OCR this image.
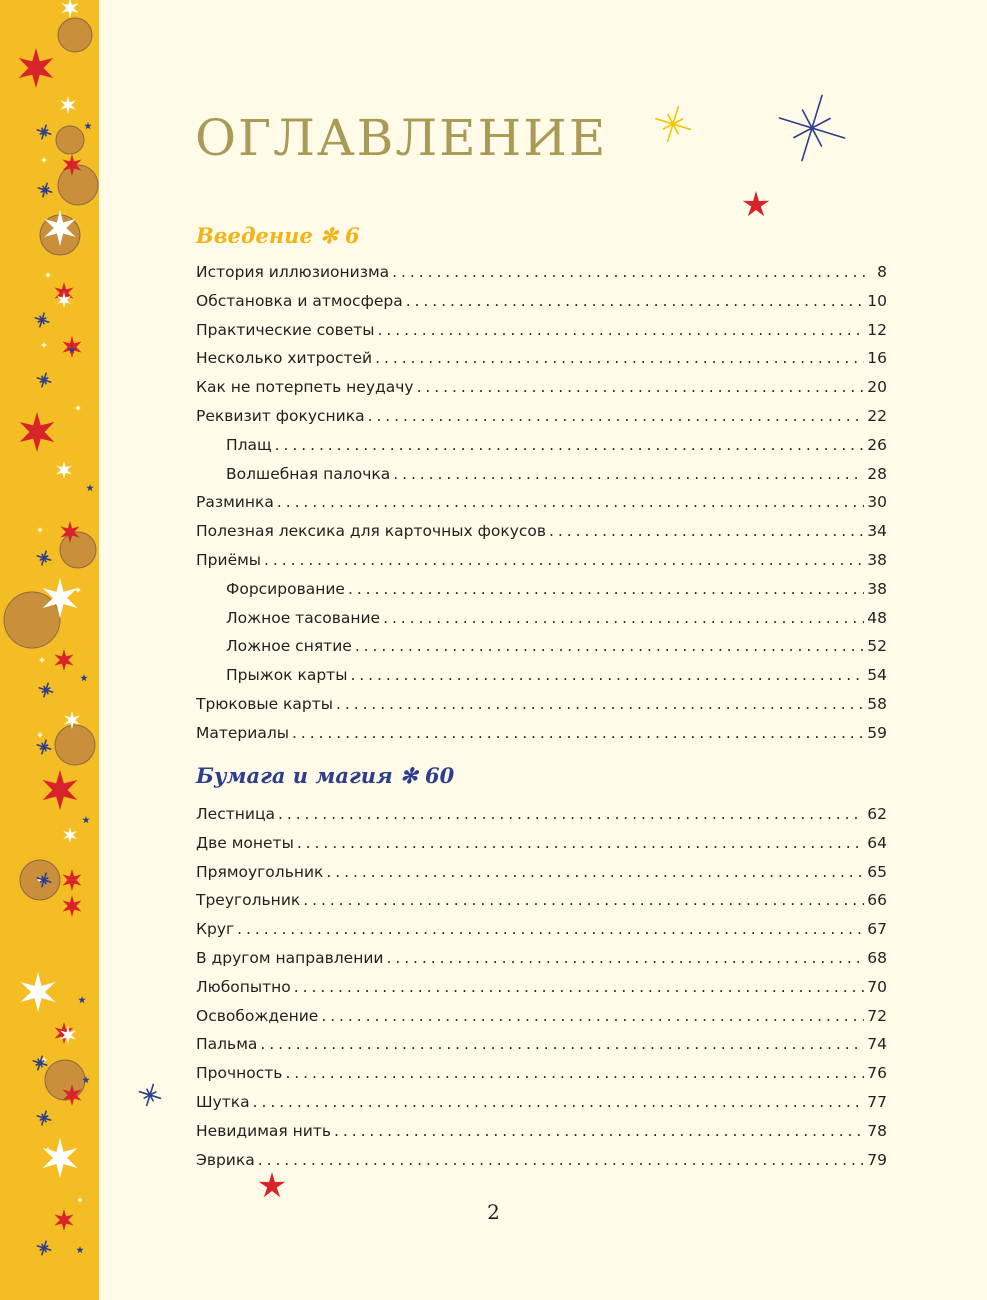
ОГЛАВЛЕНИЕ
Введение ✻ 6
История иллюзионизма . . .	8
Обстановка и атмосфера . . .	10
Практические советы . . .	12
Несколько хитростей . . .	16
Как не потерпеть неудачу . . .	20
Реквизит фокусника . . .	22
Плащ . . .	26
Волшебная палочка . . .	28
Разминка . . .	30
Полезная лексика для карточных фокусов . . .	34
Приёмы . . .	38
Форсирование . . .	38
Ложное тасование . . .	48
Ложное снятие . . .	52
Прыжок карты . . .	54
Трюковые карты . . .	58
Материалы . . .	59
Бумага и магия ✻ 60
Лестница . . .	62
Две монеты . . .	64
Прямоугольник . . .	65
Треугольник . . .	66
Круг . . .	67
В другом направлении . . .	68
Любопытно . . .	70
Освобождение . . .	72
Пальма . . .	74
Прочность . . .	76
Шутка . . .	77
Невидимая нить . . .	78
Эврика . . .	79
2
